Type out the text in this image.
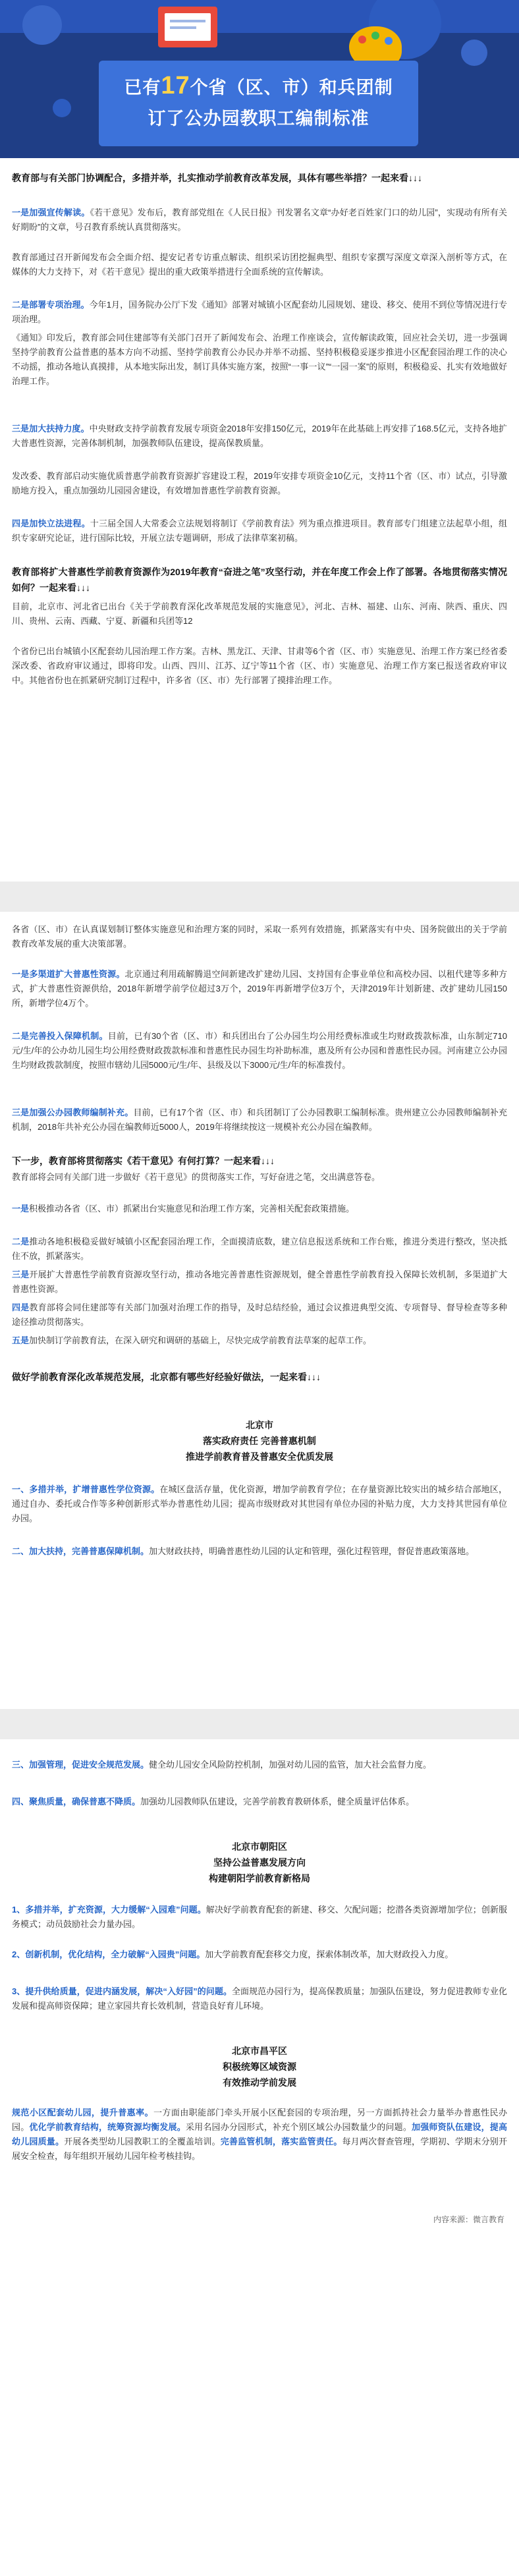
已有17个省（区、市）和兵团制
订了公办园教职工编制标准
教育部与有关部门协调配合，多措并举，扎实推动学前教育改革发展，具体有哪些举措？一起来看↓↓↓
一是加强宣传解读。《若干意见》发布后，教育部党组在《人民日报》刊发署名文章“办好老百姓家门口的幼儿园”，实现动有所有关好期盼”的文章，号召教育系统认真贯彻落实。
教育部通过召开新闻发布会全面介绍、提安记者专访重点解读、组织采访团挖掘典型、组织专家撰写深度文章深入剖析等方式，在媒体的大力支持下，对《若干意见》提出的重大政策举措进行全面系统的宣传解读。
二是部署专项治理。今年1月，国务院办公厅下发《通知》部署对城镇小区配套幼儿园规划、建设、移交、使用不到位等情况进行专项治理。
《通知》印发后，教育部会同住建部等有关部门召开了新闻发布会、治理工作座谈会，宣传解读政策，回应社会关切，进一步强调坚持学前教育公益普惠的基本方向不动摇、坚持学前教育公办民办并举不动摇、坚持积极稳妥逐步推进小区配套园治理工作的决心不动摇，推动各地认真摸排，从本地实际出发，制订具体实施方案，按照“一事一议”“一园一案”的原则，积极稳妥、扎实有效地做好治理工作。
三是加大扶持力度。中央财政支持学前教育发展专项资金2018年安排150亿元，2019年在此基础上再安排了168.5亿元，支持各地扩大普惠性资源，完善体制机制，加强教师队伍建设，提高保教质量。
发改委、教育部启动实施优质普惠学前教育资源扩容建设工程，2019年安排专项资金10亿元，支持11个省（区、市）试点，引导激励地方投入，重点加强幼儿园园舍建设，有效增加普惠性学前教育资源。
四是加快立法进程。十三届全国人大常委会立法规划将制订《学前教育法》列为重点推进项目。教育部专门组建立法起草小组，组织专家研究论证，进行国际比较，开展立法专题调研，形成了法律草案初稿。
教育部将扩大普惠性学前教育资源作为2019年教育“奋进之笔”攻坚行动，并在年度工作会上作了部署。各地贯彻落实情况如何？一起来看↓↓↓
目前，北京市、河北省已出台《关于学前教育深化改革规范发展的实施意见》，河北、吉林、福建、山东、河南、陕西、重庆、四川、贵州、云南、西藏、宁夏、新疆和兵团等12
个省份已出台城镇小区配套幼儿园治理工作方案。吉林、黑龙江、天津、甘肃等6个省（区、市）实施意见、治理工作方案已经省委深改委、省政府审议通过，即将印发。山西、四川、江苏、辽宁等11个省（区、市）实施意见、治理工作方案已报送省政府审议中。其他省份也在抓紧研究制订过程中，许多省（区、市）先行部署了摸排治理工作。
各省（区、市）在认真谋划制订整体实施意见和治理方案的同时，采取一系列有效措施，抓紧落实有中央、国务院做出的关于学前教育改革发展的重大决策部署。
一是多渠道扩大普惠性资源。北京通过利用疏解腾退空间新建改扩建幼儿园、支持国有企事业单位和高校办园、以租代建等多种方式，扩大普惠性资源供给，2018年新增学前学位超过3万个，2019年再新增学位3万个，天津2019年计划新建、改扩建幼儿园150所，新增学位4万个。
二是完善投入保障机制。目前，已有30个省（区、市）和兵团出台了公办园生均公用经费标准或生均财政拨款标准，山东制定710元/生/年的公办幼儿园生均公用经费财政拨款标准和普惠性民办园生均补助标准，惠及所有公办园和普惠性民办园。河南建立公办园生均财政拨款制度，按照市辖幼儿园5000元/生/年、县级及以下3000元/生/年的标准拨付。
三是加强公办园教师编制补充。目前，已有17个省（区、市）和兵团制订了公办园教职工编制标准。贵州建立公办园教师编制补充机制，2018年共补充公办园在编教师近5000人，2019年将继续按这一规模补充公办园在编教师。
下一步，教育部将贯彻落实《若干意见》有何打算？一起来看↓↓↓
教育部将会同有关部门进一步做好《若干意见》的贯彻落实工作，写好奋进之笔，交出满意答卷。
一是积极推动各省（区、市）抓紧出台实施意见和治理工作方案，完善相关配套政策措施。
二是推动各地积极稳妥做好城镇小区配套园治理工作，全面摸清底数，建立信息报送系统和工作台账，推进分类进行整改，坚决抵住不放，抓紧落实。
三是开展扩大普惠性学前教育资源攻坚行动，推动各地完善普惠性资源规划，健全普惠性学前教育投入保障长效机制，多渠道扩大普惠性资源。
四是教育部将会同住建部等有关部门加强对治理工作的指导，及时总结经验，通过会议推进典型交流、专项督导、督导检查等多种途径推动贯彻落实。
五是加快制订学前教育法，在深入研究和调研的基础上，尽快完成学前教育法草案的起草工作。
做好学前教育深化改革规范发展，北京都有哪些好经验好做法，一起来看↓↓↓
北京市
落实政府责任 完善普惠机制
推进学前教育普及普惠安全优质发展
一、多措并举，扩增普惠性学位资源。在城区盘活存量，优化资源，增加学前教育学位；在存量资源比较实出的城乡结合部地区，通过自办、委托或合作等多种创新形式举办普惠性幼儿园；提高市级财政对其世园有单位办园的补贴力度，大力支持其世园有单位办园。
二、加大扶持，完善普惠保障机制。加大财政扶持，明确普惠性幼儿园的认定和管理，强化过程管理，督促普惠政策落地。
三、加强管理，促进安全规范发展。健全幼儿园安全风险防控机制，加强对幼儿园的监管，加大社会监督力度。
四、聚焦质量，确保普惠不降质。加强幼儿园教师队伍建设，完善学前教育教研体系，健全质量评估体系。
北京市朝阳区
坚持公益普惠发展方向
构建朝阳学前教育新格局
1、多措并举，扩充资源，大力缓解“入园难”问题。解决好学前教育配套的新建、移交、欠配问题；挖潜各类资源增加学位；创新服务模式；动员鼓励社会力量办园。
2、创新机制，优化结构，全力破解“入园贵”问题。加大学前教育配套移交力度，探索体制改革，加大财政投入力度。
3、提升供给质量，促进内涵发展，解决“入好园”的问题。全面规范办园行为，提高保教质量；加强队伍建设，努力促进教师专业化发展和提高师资保障；建立家园共育长效机制，营造良好育儿环境。
北京市昌平区
积极统筹区域资源
有效推动学前发展
规范小区配套幼儿园，提升普惠率。一方面由职能部门牵头开展小区配套园的专项治理，另一方面抓持社会力量举办普惠性民办园。优化学前教育结构，统筹资源均衡发展。采用名园办分园形式，补充个别区域公办园数量少的问题。加强师资队伍建设，提高幼儿园质量。开展各类型幼儿园教职工的全覆盖培训。完善监管机制，落实监管责任。每月两次督查管理，学期初、学期末分别开展安全检查，每年组织开展幼儿园年检考核挂钩。
内容来源：微言教育
